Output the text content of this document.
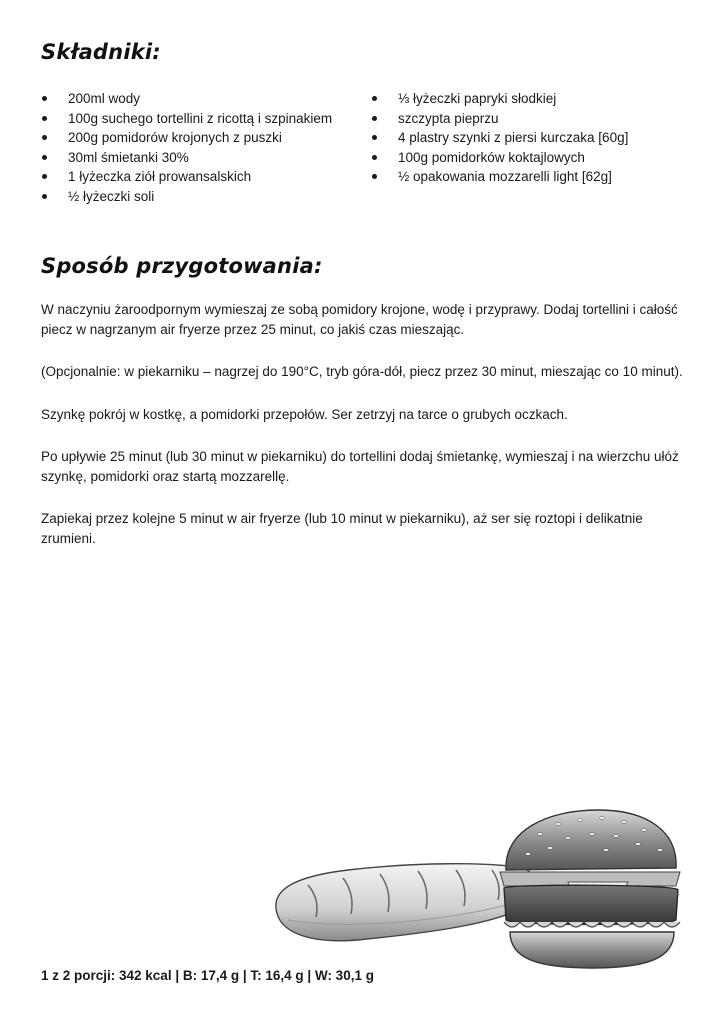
Składniki:
200ml wody
100g suchego tortellini z ricottą i szpinakiem
200g pomidorów krojonych z puszki
30ml śmietanki 30%
1 łyżeczka ziół prowansalskich
½ łyżeczki soli
⅓ łyżeczki papryki słodkiej
szczypta pieprzu
4 plastry szynki z piersi kurczaka [60g]
100g pomidorków koktajlowych
½ opakowania mozzarelli light [62g]
Sposób przygotowania:

W naczyniu żaroodpornym wymieszaj ze sobą pomidory krojone, wodę i przyprawy. Dodaj tortellini i całość piecz w nagrzanym air fryerze przez 25 minut, co jakiś czas mieszając.

(Opcjonalnie: w piekarniku – nagrzej do 190°C, tryb góra-dół, piecz przez 30 minut, mieszając co 10 minut).

Szynkę pokrój w kostkę, a pomidorki przepołów. Ser zetrzyj na tarce o grubych oczkach.

Po upływie 25 minut (lub 30 minut w piekarniku) do tortellini dodaj śmietankę, wymieszaj i na wierzchu ułóż szynkę, pomidorki oraz startą mozzarellę.

Zapiekaj przez kolejne 5 minut w air fryerze (lub 10 minut w piekarniku), aż ser się roztopi i delikatnie zrumieni.

1 z 2 porcji: 342 kcal | B: 17,4 g | T: 16,4 g | W: 30,1 g
